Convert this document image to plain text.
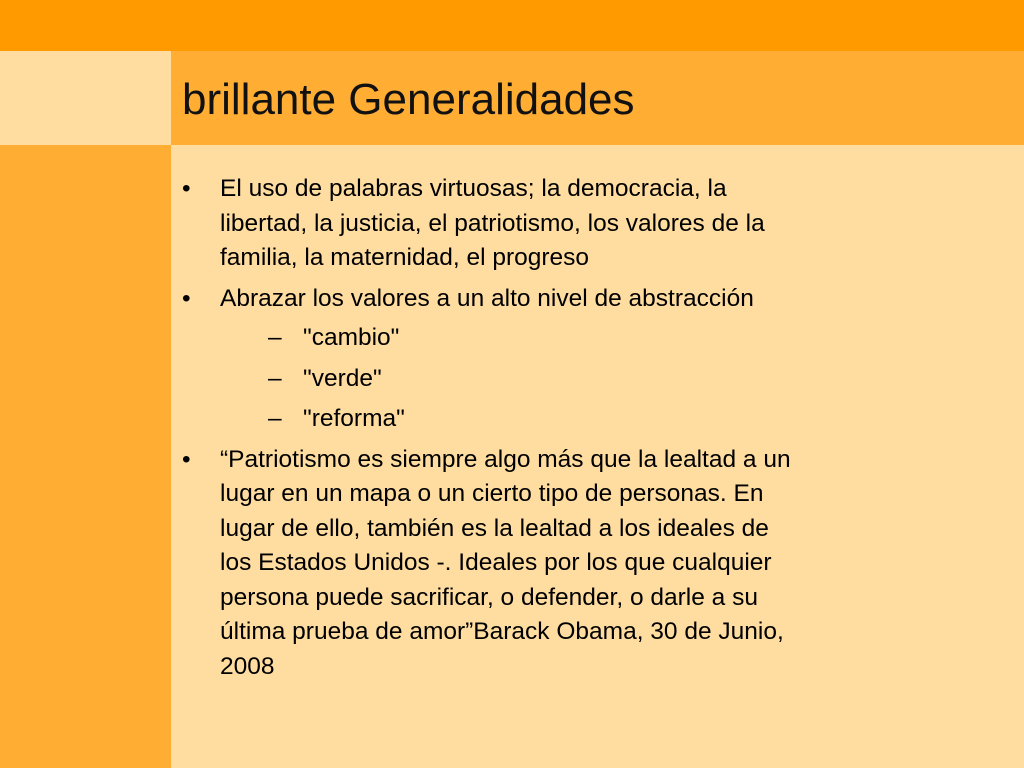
brillante Generalidades
• El uso de palabras virtuosas; la democracia, la libertad, la justicia, el patriotismo, los valores de la familia, la maternidad, el progreso
• Abrazar los valores a un alto nivel de abstracción
– "cambio"
– "verde"
– "reforma"
• “Patriotismo es siempre algo más que la lealtad a un lugar en un mapa o un cierto tipo de personas. En lugar de ello, también es la lealtad a los ideales de los Estados Unidos -. Ideales por los que cualquier persona puede sacrificar, o defender, o darle a su última prueba de amor”Barack Obama, 30 de Junio, 2008
